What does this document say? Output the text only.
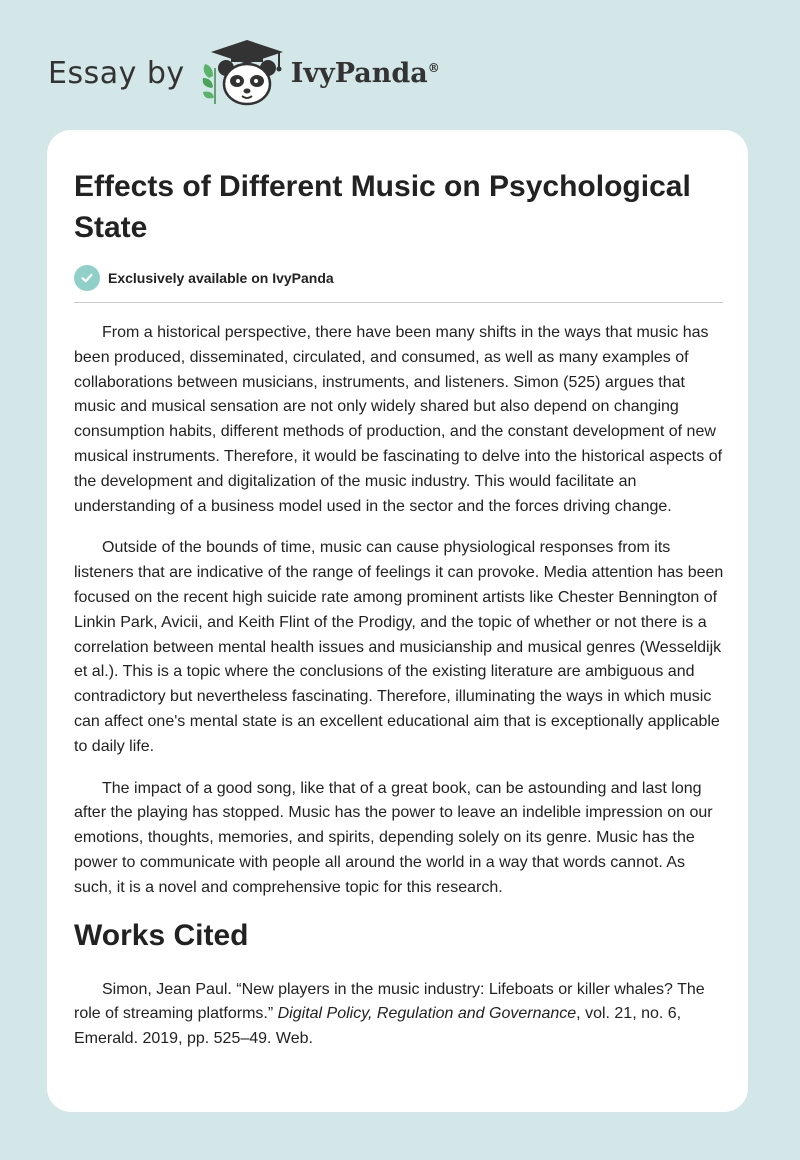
Essay by	IvyPanda®
Effects of Different Music on Psychological State
Exclusively available on IvyPanda

From a historical perspective, there have been many shifts in the ways that music has been produced, disseminated, circulated, and consumed, as well as many examples of collaborations between musicians, instruments, and listeners. Simon (525) argues that music and musical sensation are not only widely shared but also depend on changing consumption habits, different methods of production, and the constant development of new musical instruments. Therefore, it would be fascinating to delve into the historical aspects of the development and digitalization of the music industry. This would facilitate an understanding of a business model used in the sector and the forces driving change.

Outside of the bounds of time, music can cause physiological responses from its listeners that are indicative of the range of feelings it can provoke. Media attention has been focused on the recent high suicide rate among prominent artists like Chester Bennington of Linkin Park, Avicii, and Keith Flint of the Prodigy, and the topic of whether or not there is a correlation between mental health issues and musicianship and musical genres (Wesseldijk et al.). This is a topic where the conclusions of the existing literature are ambiguous and contradictory but nevertheless fascinating. Therefore, illuminating the ways in which music can affect one's mental state is an excellent educational aim that is exceptionally applicable to daily life.

The impact of a good song, like that of a great book, can be astounding and last long after the playing has stopped. Music has the power to leave an indelible impression on our emotions, thoughts, memories, and spirits, depending solely on its genre. Music has the power to communicate with people all around the world in a way that words cannot. As such, it is a novel and comprehensive topic for this research.

Works Cited

Simon, Jean Paul. “New players in the music industry: Lifeboats or killer whales? The role of streaming platforms.” Digital Policy, Regulation and Governance, vol. 21, no. 6, Emerald. 2019, pp. 525–49. Web.
